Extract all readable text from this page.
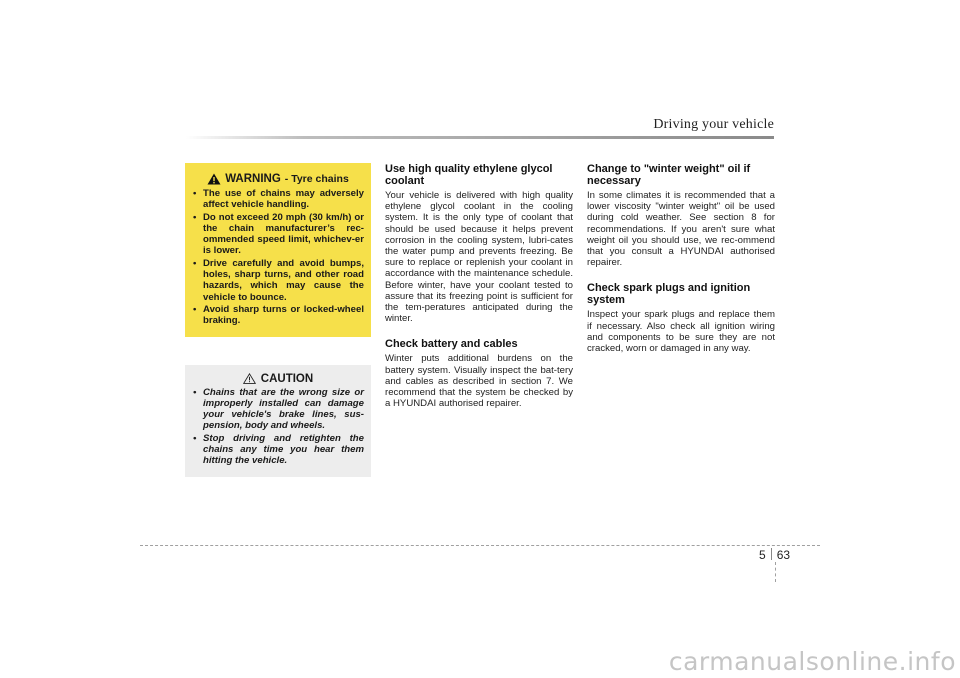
Driving your vehicle
WARNING - Tyre chains
• The use of chains may adversely affect vehicle handling.
• Do not exceed 20 mph (30 km/h) or the chain manufacturer’s rec-ommended speed limit, whichev-er is lower.
• Drive carefully and avoid bumps, holes, sharp turns, and other road hazards, which may cause the vehicle to bounce.
• Avoid sharp turns or locked-wheel braking.
CAUTION
• Chains that are the wrong size or improperly installed can damage your vehicle's brake lines, sus-pension, body and wheels.
• Stop driving and retighten the chains any time you hear them hitting the vehicle.
Use high quality ethylene glycol coolant

Your vehicle is delivered with high quality ethylene glycol coolant in the cooling system. It is the only type of coolant that should be used because it helps prevent corrosion in the cooling system, lubri-cates the water pump and prevents freezing. Be sure to replace or replenish your coolant in accordance with the maintenance schedule. Before winter, have your coolant tested to assure that its freezing point is sufficient for the tem-peratures anticipated during the winter.

Check battery and cables

Winter puts additional burdens on the battery system. Visually inspect the bat-tery and cables as described in section 7. We recommend that the system be checked by a HYUNDAI authorised repairer.

Change to "winter weight" oil if necessary

In some climates it is recommended that a lower viscosity "winter weight" oil be used during cold weather. See section 8 for recommendations. If you aren't sure what weight oil you should use, we rec-ommend that you consult a HYUNDAI authorised repairer.

Check spark plugs and ignition system

Inspect your spark plugs and replace them if necessary. Also check all ignition wiring and components to be sure they are not cracked, worn or damaged in any way.

5 63
carmanualsonline.info
